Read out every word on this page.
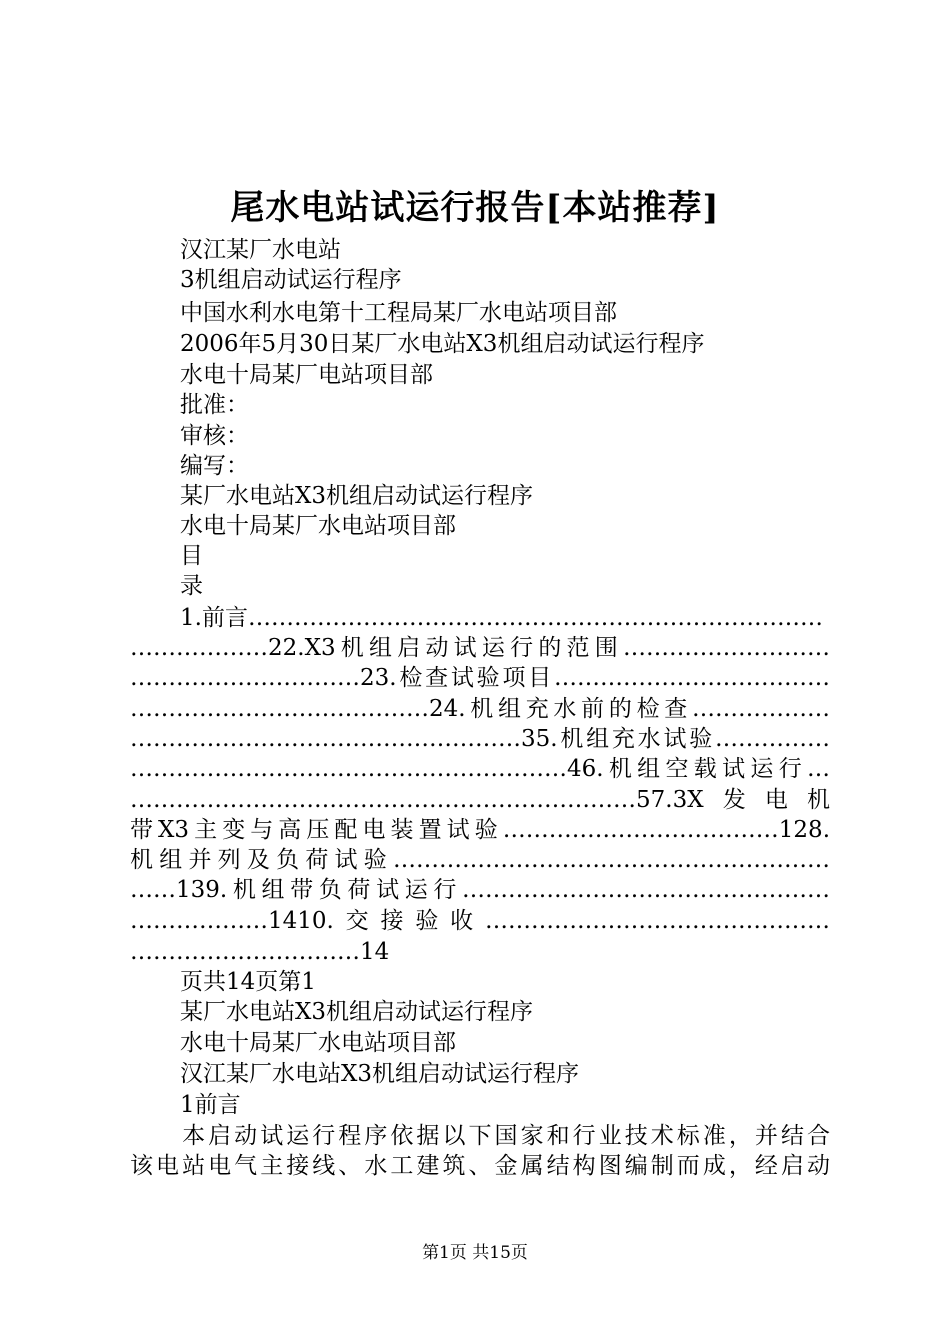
尾水电站试运行报告[本站推荐]
汉江某厂水电站
3机组启动试运行程序
中国水利水电第十工程局某厂水电站项目部
2006年5月30日某厂水电站X3机组启动试运行程序
水电十局某厂电站项目部
批准：
审核：
编写：
某厂水电站X3机组启动试运行程序
水电十局某厂水电站项目部
目
录
1.前言…………………………………………………………………
………………22.X3机组启动试运行的范围………………………
…………………………23.检查试验项目………………………………
…………………………………24.机组充水前的检查………………
……………………………………………35.机组充水试验……………
…………………………………………………46.机组空载试运行…
…………………………………………………………57.3X发电机
带X3主变与高压配电装置试验………………………………128.
机组并列及负荷试验…………………………………………………
……139.机组带负荷试运行…………………………………………
………………1410.交接验收………………………………………
…………………………14
页共14页第1
某厂水电站X3机组启动试运行程序
水电十局某厂水电站项目部
汉江某厂水电站X3机组启动试运行程序
1前言
　　本启动试运行程序依据以下国家和行业技术标准，并结合
该电站电气主接线、水工建筑、金属结构图编制而成，经启动
第1页 共15页
